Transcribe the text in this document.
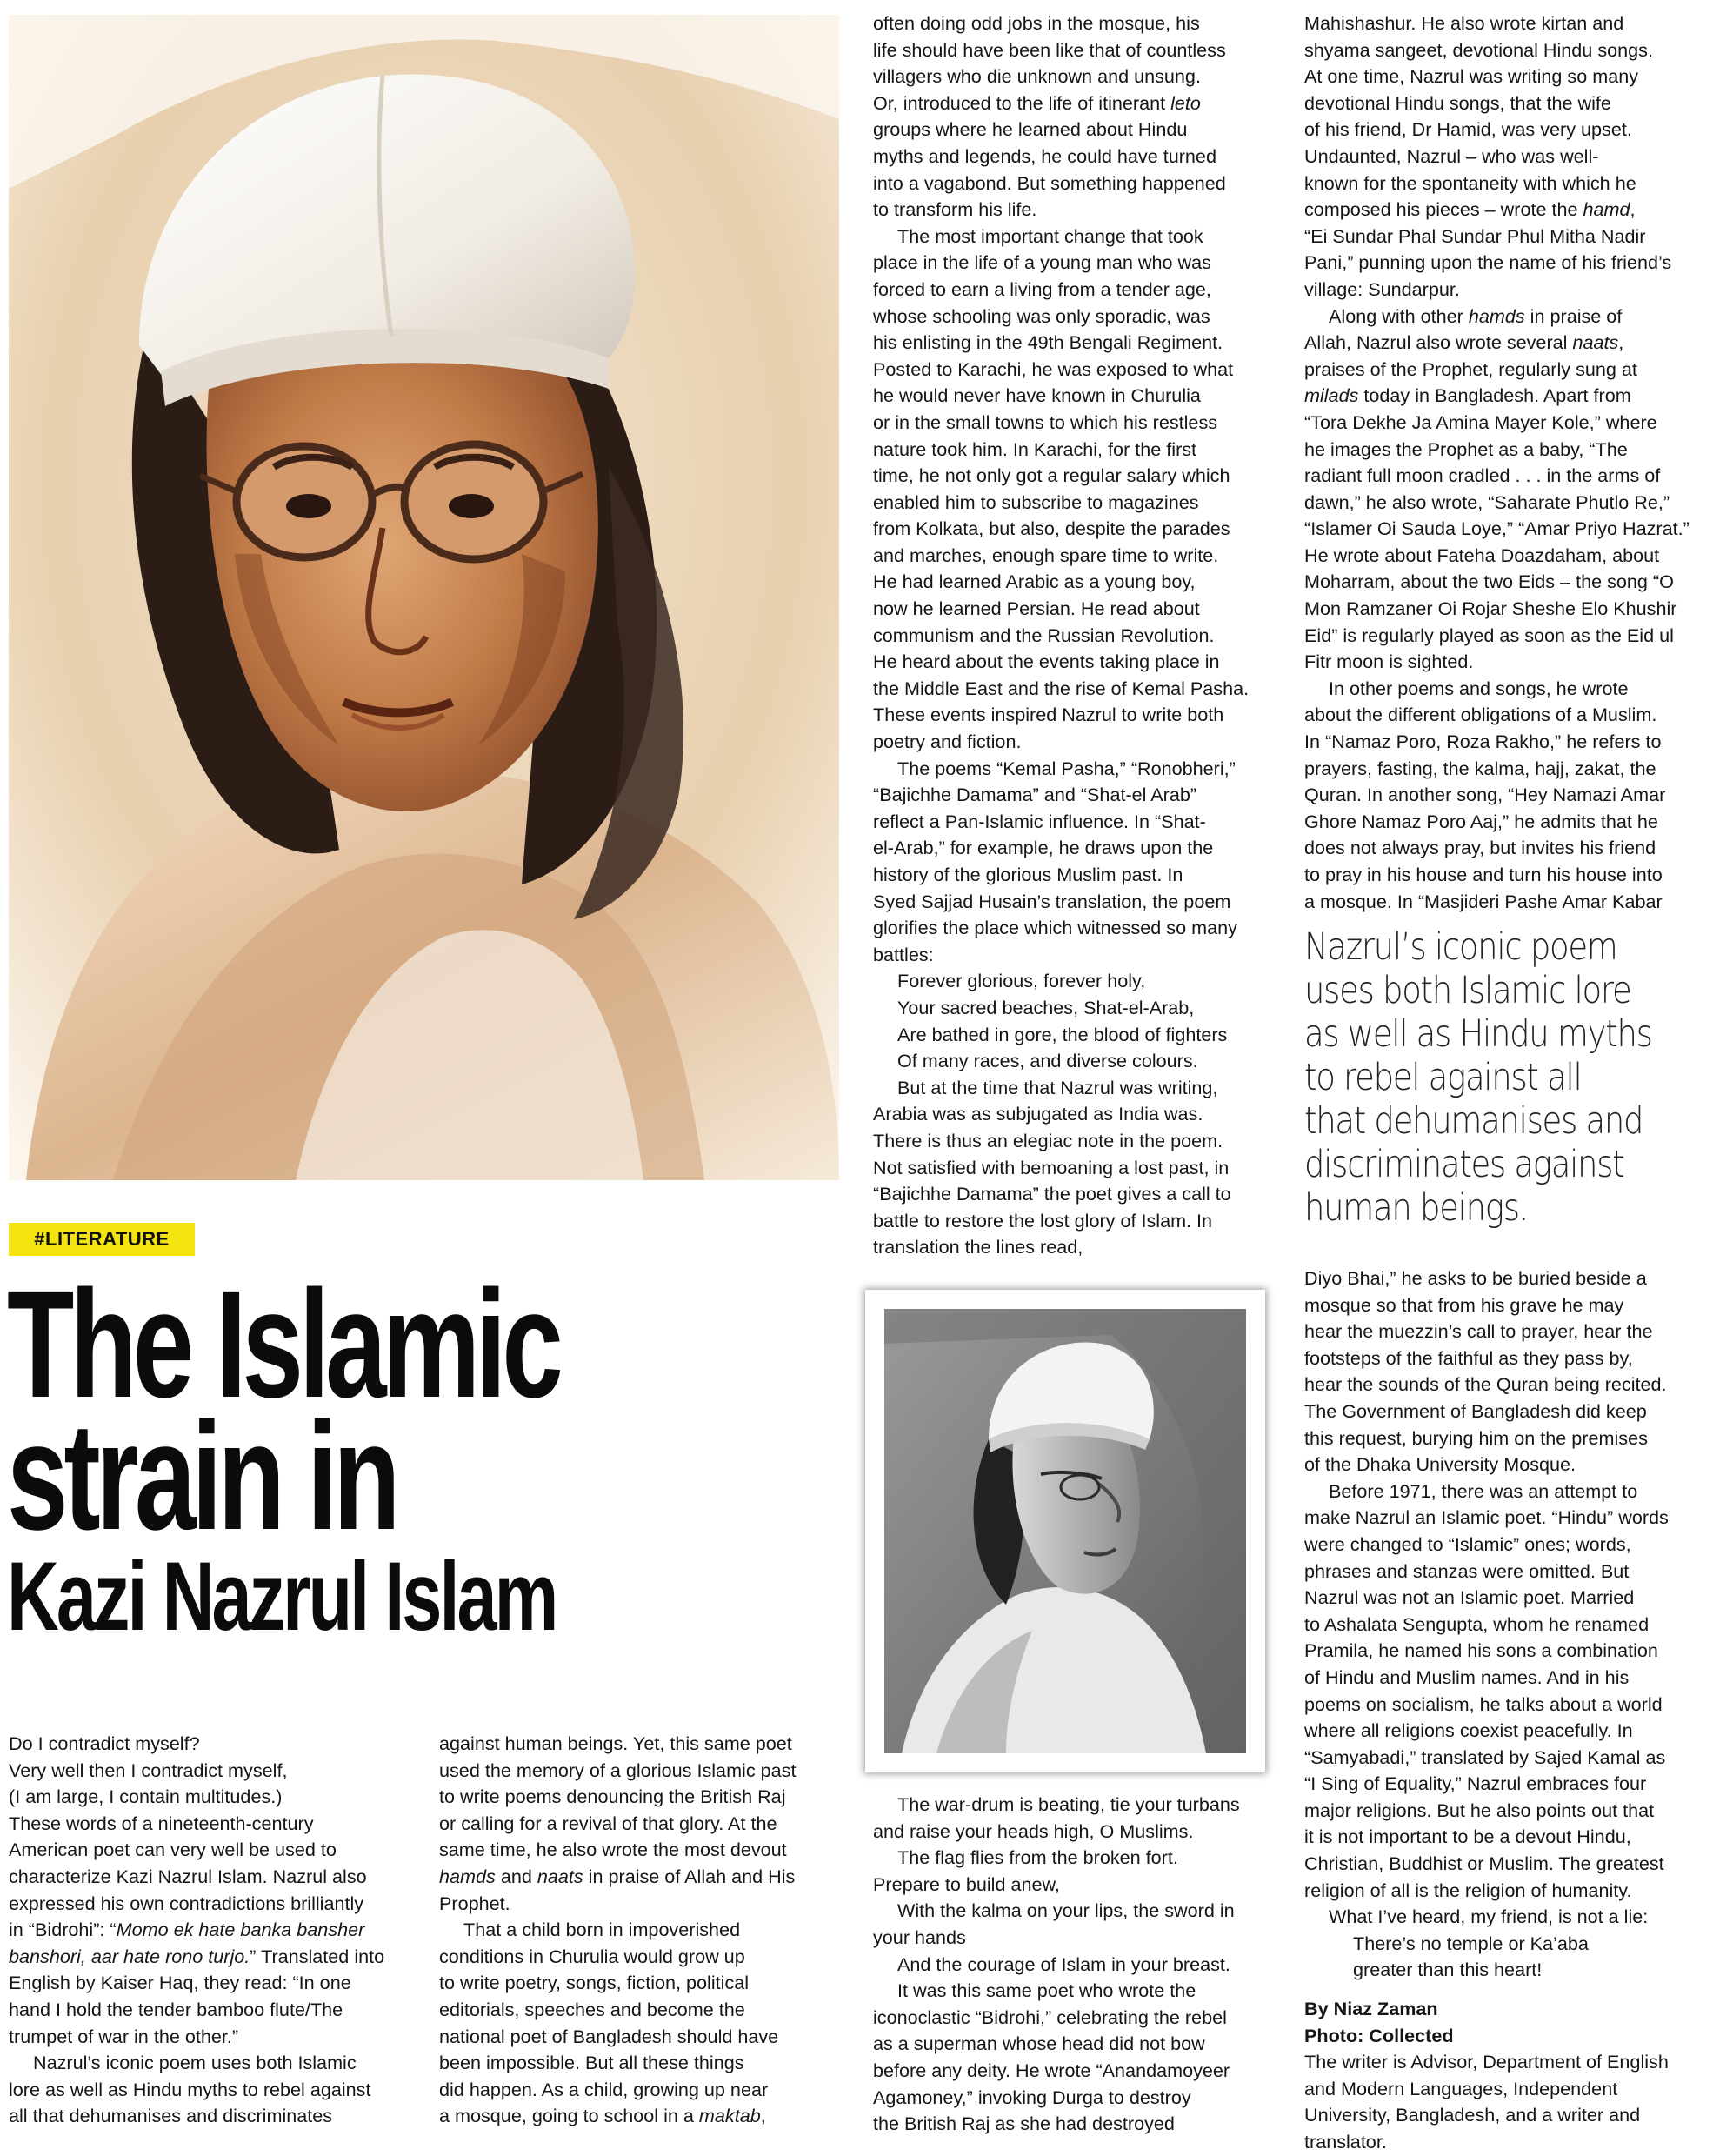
#LITERATURE
The Islamic
strain in
Kazi Nazrul Islam
Do I contradict myself?
Very well then I contradict myself,
(I am large, I contain multitudes.)
These words of a nineteenth-century
American poet can very well be used to
characterize Kazi Nazrul Islam. Nazrul also
expressed his own contradictions brilliantly
in “Bidrohi”: “Momo ek hate banka bansher
banshori, aar hate rono turjo.” Translated into
English by Kaiser Haq, they read: “In one
hand I hold the tender bamboo flute/The
trumpet of war in the other.”
Nazrul’s iconic poem uses both Islamic
lore as well as Hindu myths to rebel against
all that dehumanises and discriminates
against human beings. Yet, this same poet
used the memory of a glorious Islamic past
to write poems denouncing the British Raj
or calling for a revival of that glory. At the
same time, he also wrote the most devout
hamds and naats in praise of Allah and His
Prophet.
That a child born in impoverished
conditions in Churulia would grow up
to write poetry, songs, fiction, political
editorials, speeches and become the
national poet of Bangladesh should have
been impossible. But all these things
did happen. As a child, growing up near
a mosque, going to school in a maktab,
often doing odd jobs in the mosque, his
life should have been like that of countless
villagers who die unknown and unsung.
Or, introduced to the life of itinerant leto
groups where he learned about Hindu
myths and legends, he could have turned
into a vagabond. But something happened
to transform his life.
The most important change that took
place in the life of a young man who was
forced to earn a living from a tender age,
whose schooling was only sporadic, was
his enlisting in the 49th Bengali Regiment.
Posted to Karachi, he was exposed to what
he would never have known in Churulia
or in the small towns to which his restless
nature took him. In Karachi, for the first
time, he not only got a regular salary which
enabled him to subscribe to magazines
from Kolkata, but also, despite the parades
and marches, enough spare time to write.
He had learned Arabic as a young boy,
now he learned Persian. He read about
communism and the Russian Revolution.
He heard about the events taking place in
the Middle East and the rise of Kemal Pasha.
These events inspired Nazrul to write both
poetry and fiction.
The poems “Kemal Pasha,” “Ronobheri,”
“Bajichhe Damama” and “Shat-el Arab”
reflect a Pan-Islamic influence. In “Shat-
el-Arab,” for example, he draws upon the
history of the glorious Muslim past. In
Syed Sajjad Husain’s translation, the poem
glorifies the place which witnessed so many
battles:
Forever glorious, forever holy,
Your sacred beaches, Shat-el-Arab,
Are bathed in gore, the blood of fighters
Of many races, and diverse colours.
But at the time that Nazrul was writing,
Arabia was as subjugated as India was.
There is thus an elegiac note in the poem.
Not satisfied with bemoaning a lost past, in
“Bajichhe Damama” the poet gives a call to
battle to restore the lost glory of Islam. In
translation the lines read,
The war-drum is beating, tie your turbans
and raise your heads high, O Muslims.
The flag flies from the broken fort.
Prepare to build anew,
With the kalma on your lips, the sword in
your hands
And the courage of Islam in your breast.
It was this same poet who wrote the
iconoclastic “Bidrohi,” celebrating the rebel
as a superman whose head did not bow
before any deity. He wrote “Anandamoyeer
Agamoney,” invoking Durga to destroy
the British Raj as she had destroyed
Mahishashur. He also wrote kirtan and
shyama sangeet, devotional Hindu songs.
At one time, Nazrul was writing so many
devotional Hindu songs, that the wife
of his friend, Dr Hamid, was very upset.
Undaunted, Nazrul – who was well-
known for the spontaneity with which he
composed his pieces – wrote the hamd,
“Ei Sundar Phal Sundar Phul Mitha Nadir
Pani,” punning upon the name of his friend’s
village: Sundarpur.
Along with other hamds in praise of
Allah, Nazrul also wrote several naats,
praises of the Prophet, regularly sung at
milads today in Bangladesh. Apart from
“Tora Dekhe Ja Amina Mayer Kole,” where
he images the Prophet as a baby, “The
radiant full moon cradled . . . in the arms of
dawn,” he also wrote, “Saharate Phutlo Re,”
“Islamer Oi Sauda Loye,” “Amar Priyo Hazrat.”
He wrote about Fateha Doazdaham, about
Moharram, about the two Eids – the song “O
Mon Ramzaner Oi Rojar Sheshe Elo Khushir
Eid” is regularly played as soon as the Eid ul
Fitr moon is sighted.
In other poems and songs, he wrote
about the different obligations of a Muslim.
In “Namaz Poro, Roza Rakho,” he refers to
prayers, fasting, the kalma, hajj, zakat, the
Quran. In another song, “Hey Namazi Amar
Ghore Namaz Poro Aaj,” he admits that he
does not always pray, but invites his friend
to pray in his house and turn his house into
a mosque. In “Masjideri Pashe Amar Kabar
Nazrul’s iconic poem
uses both Islamic lore
as well as Hindu myths
to rebel against all
that dehumanises and
discriminates against
human beings.
Diyo Bhai,” he asks to be buried beside a
mosque so that from his grave he may
hear the muezzin’s call to prayer, hear the
footsteps of the faithful as they pass by,
hear the sounds of the Quran being recited.
The Government of Bangladesh did keep
this request, burying him on the premises
of the Dhaka University Mosque.
Before 1971, there was an attempt to
make Nazrul an Islamic poet. “Hindu” words
were changed to “Islamic” ones; words,
phrases and stanzas were omitted. But
Nazrul was not an Islamic poet. Married
to Ashalata Sengupta, whom he renamed
Pramila, he named his sons a combination
of Hindu and Muslim names. And in his
poems on socialism, he talks about a world
where all religions coexist peacefully. In
“Samyabadi,” translated by Sajed Kamal as
“I Sing of Equality,” Nazrul embraces four
major religions. But he also points out that
it is not important to be a devout Hindu,
Christian, Buddhist or Muslim. The greatest
religion of all is the religion of humanity.
What I’ve heard, my friend, is not a lie:
There’s no temple or Ka’aba
greater than this heart!
By Niaz Zaman
Photo: Collected
The writer is Advisor, Department of English
and Modern Languages, Independent
University, Bangladesh, and a writer and
translator.
